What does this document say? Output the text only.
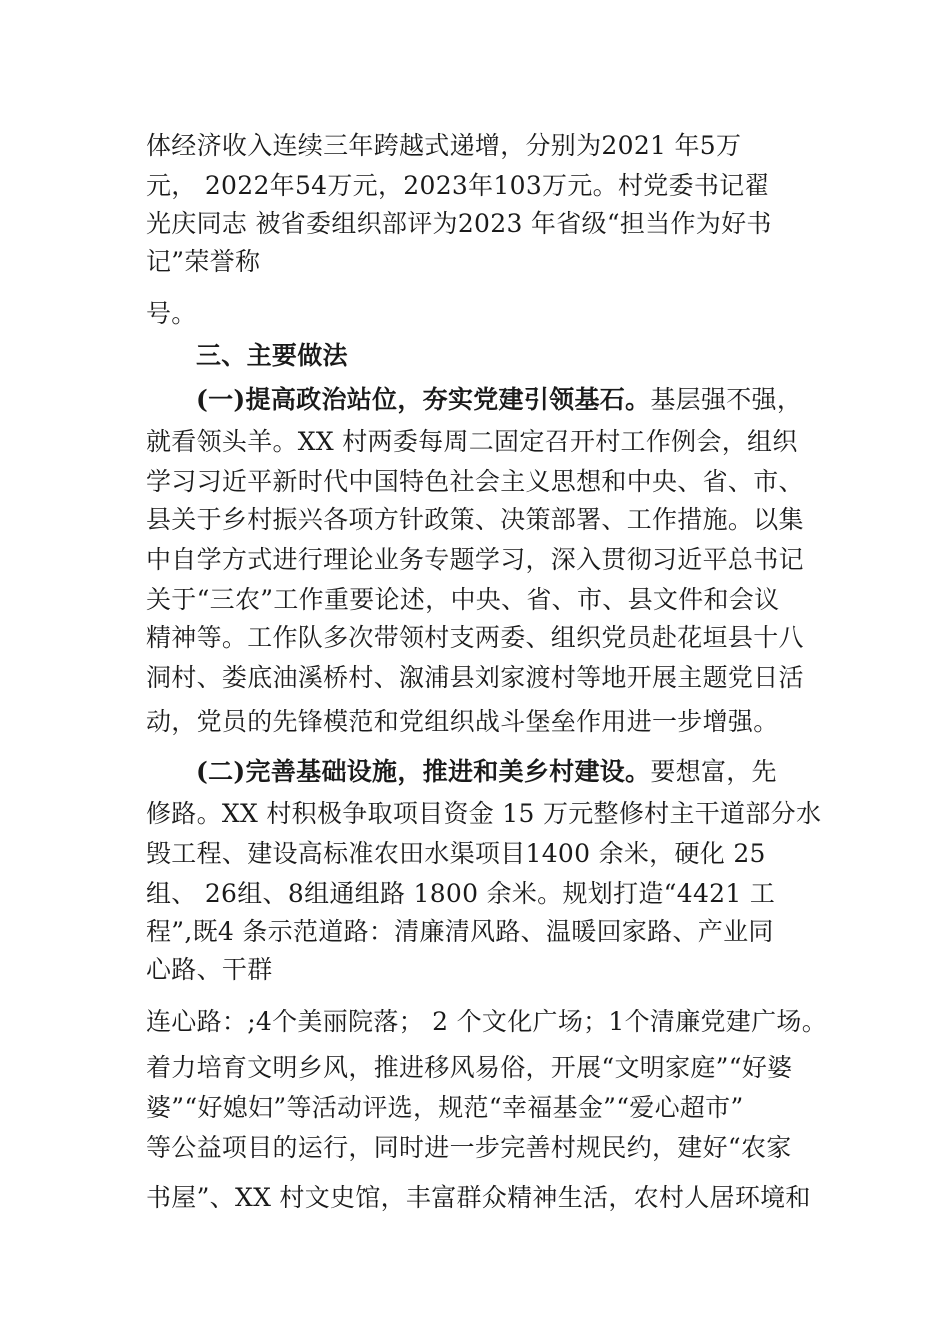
体经济收入连续三年跨越式递增，分别为2021 年5万
元， 2022年54万元，2023年103万元。村党委书记翟
光庆同志 被省委组织部评为2023 年省级“担当作为好书
记”荣誉称
号。
三、主要做法
(一)提高政治站位，夯实党建引领基石。基层强不强，
就看领头羊。XX 村两委每周二固定召开村工作例会，组织
学习习近平新时代中国特色社会主义思想和中央、省、市、
县关于乡村振兴各项方针政策、决策部署、工作措施。以集
中自学方式进行理论业务专题学习，深入贯彻习近平总书记
关于“三农”工作重要论述，中央、省、市、县文件和会议
精神等。工作队多次带领村支两委、组织党员赴花垣县十八
洞村、娄底油溪桥村、溆浦县刘家渡村等地开展主题党日活
动，党员的先锋模范和党组织战斗堡垒作用进一步增强。
(二)完善基础设施，推进和美乡村建设。要想富，先
修路。XX 村积极争取项目资金 15 万元整修村主干道部分水
毁工程、建设高标准农田水渠项目1400 余米，硬化 25
组、 26组、8组通组路 1800 余米。规划打造“4421 工
程”,既4 条示范道路：清廉清风路、温暖回家路、产业同
心路、干群
连心路：;4个美丽院落； 2 个文化广场；1个清廉党建广场。
着力培育文明乡风，推进移风易俗，开展“文明家庭”“好婆
婆”“好媳妇”等活动评选，规范“幸福基金”“爱心超市”
等公益项目的运行，同时进一步完善村规民约，建好“农家
书屋”、XX 村文史馆，丰富群众精神生活，农村人居环境和
